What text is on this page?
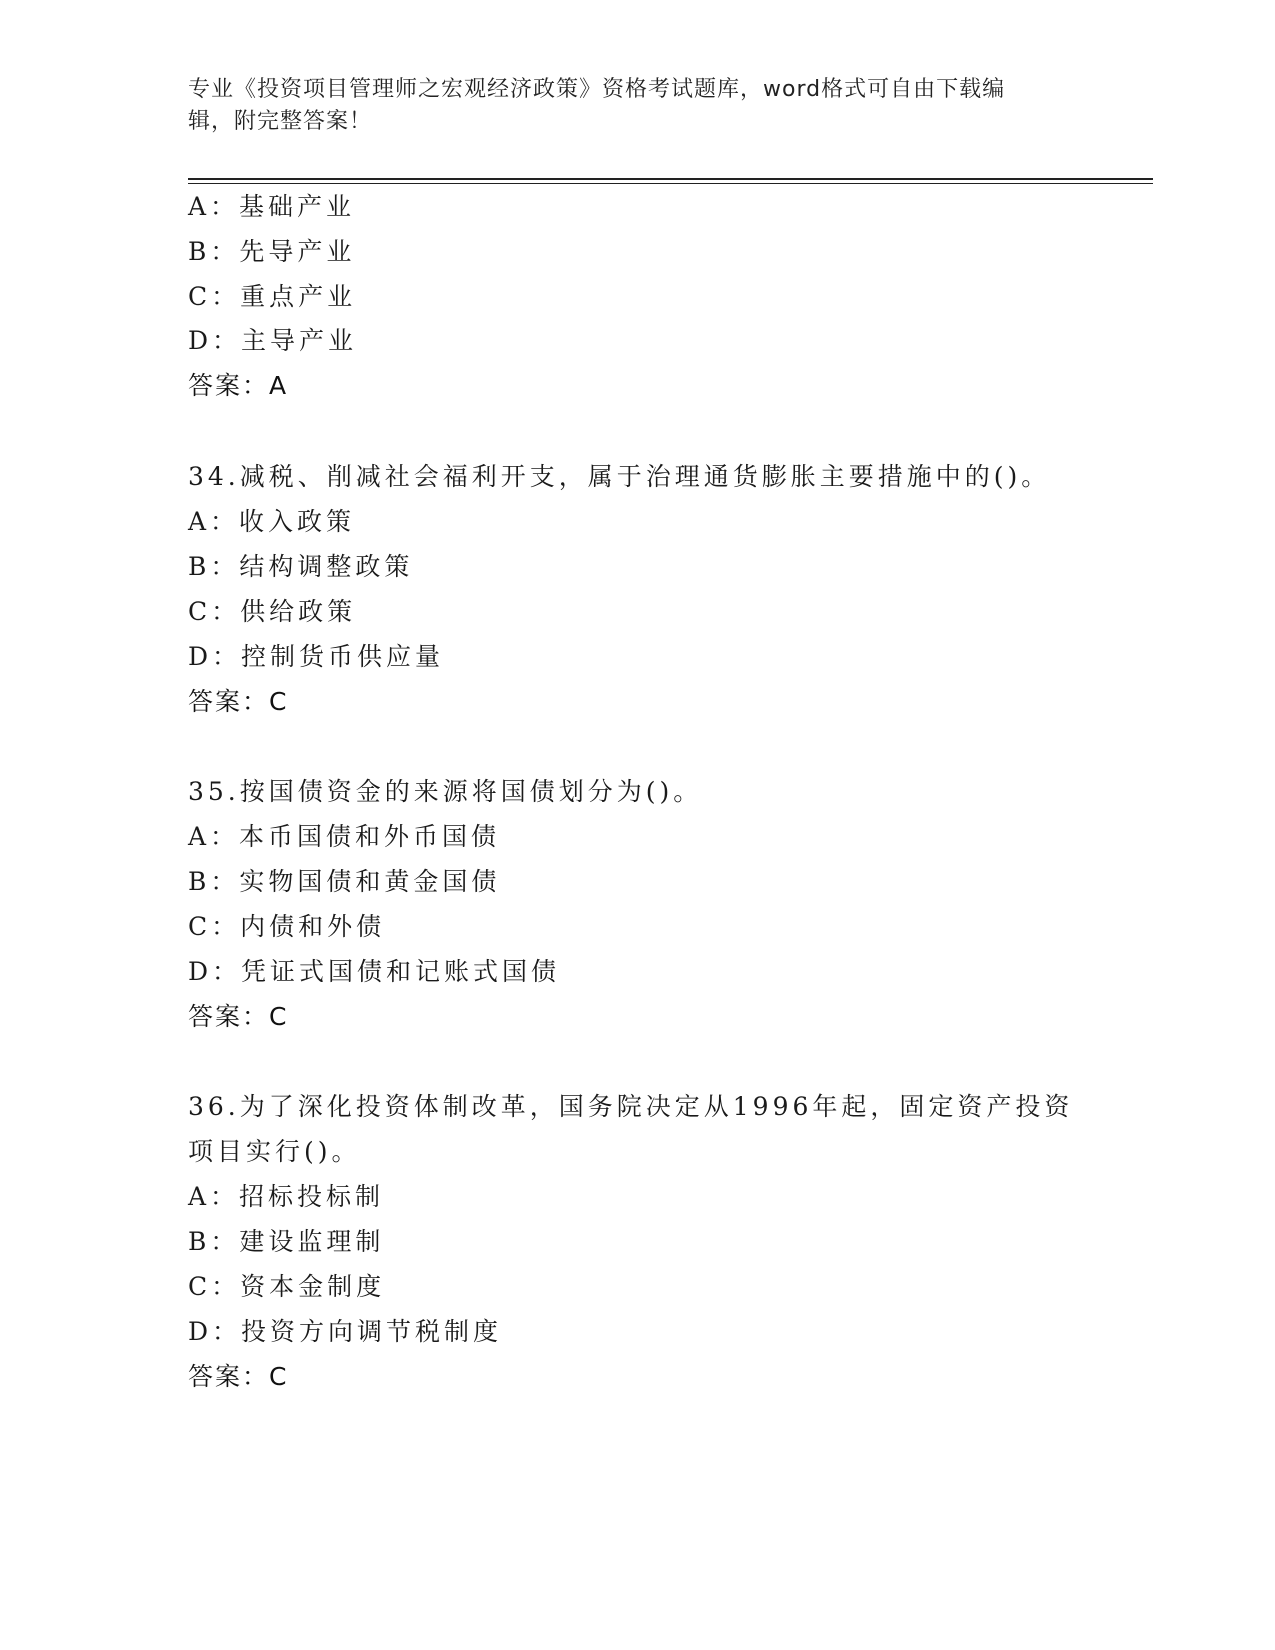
专业《投资项目管理师之宏观经济政策》资格考试题库，word格式可自由下载编
辑，附完整答案！
A：基础产业
B：先导产业
C：重点产业
D：主导产业
答案：A
34.减税、削减社会福利开支，属于治理通货膨胀主要措施中的()。
A：收入政策
B：结构调整政策
C：供给政策
D：控制货币供应量
答案：C
35.按国债资金的来源将国债划分为()。
A：本币国债和外币国债
B：实物国债和黄金国债
C：内债和外债
D：凭证式国债和记账式国债
答案：C
36.为了深化投资体制改革，国务院决定从1996年起，固定资产投资
项目实行()。
A：招标投标制
B：建设监理制
C：资本金制度
D：投资方向调节税制度
答案：C
